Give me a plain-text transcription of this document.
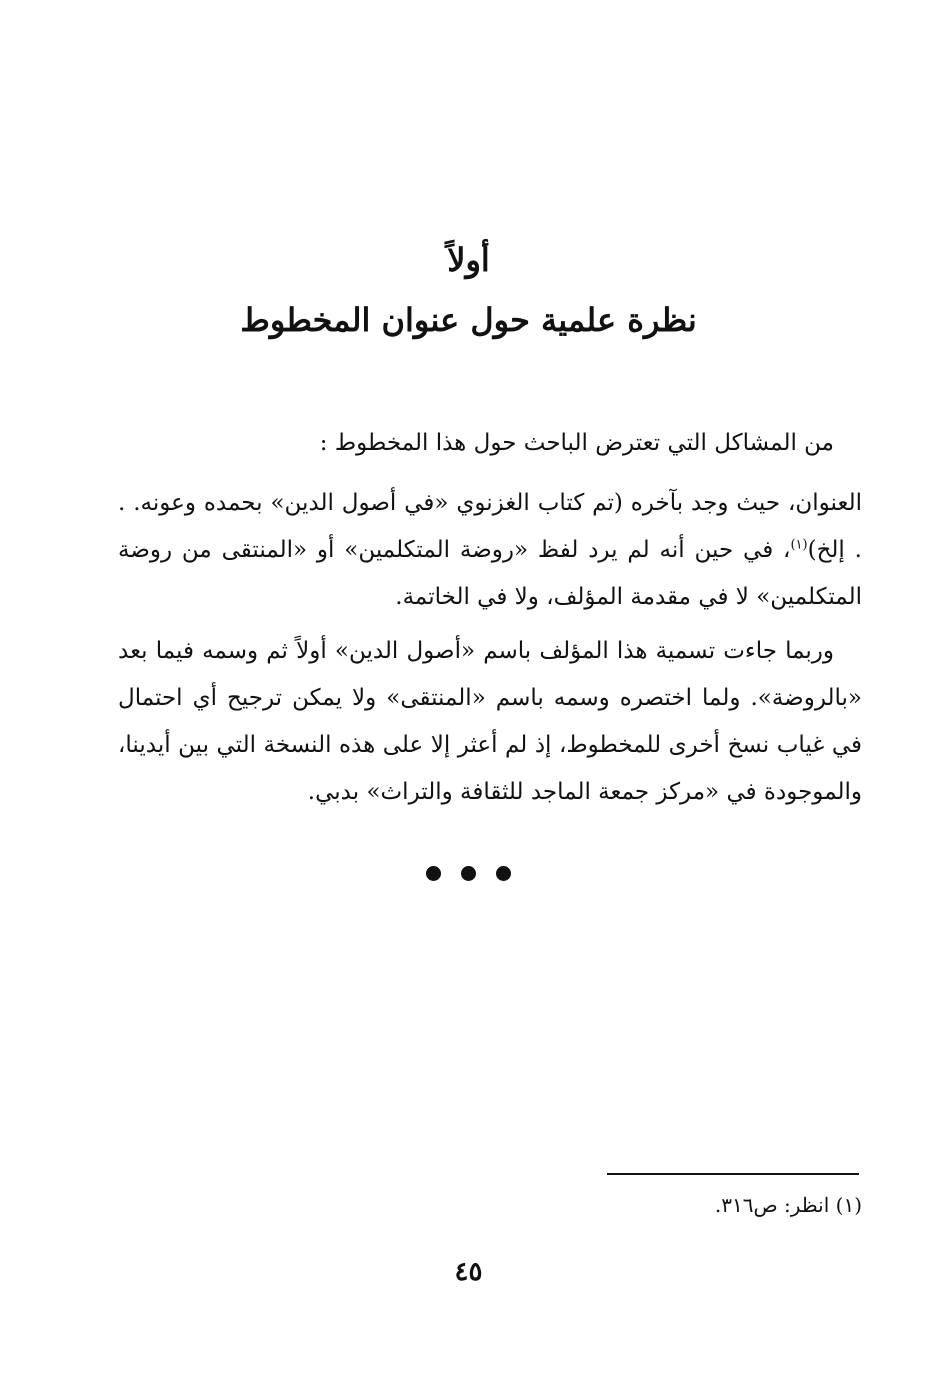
أولاً
نظرة علمية حول عنوان المخطوط
من المشاكل التي تعترض الباحث حول هذا المخطوط :
العنوان، حيث وجد بآخره (تم كتاب الغزنوي «في أصول الدين» بحمده وعونه. . . إلخ)$^{(١)}$، في حين أنه لم يرد لفظ «روضة المتكلمين» أو «المنتقى من روضة المتكلمين» لا في مقدمة المؤلف، ولا في الخاتمة.
وربما جاءت تسمية هذا المؤلف باسم «أصول الدين» أولاً ثم وسمه فيما بعد «بالروضة». ولما اختصره وسمه باسم «المنتقى» ولا يمكن ترجيح أي احتمال في غياب نسخ أخرى للمخطوط، إذ لم أعثر إلا على هذه النسخة التي بين أيدينا، والموجودة في «مركز جمعة الماجد للثقافة والتراث» بدبي.
(١) انظر: ص٣١٦.
٤٥
